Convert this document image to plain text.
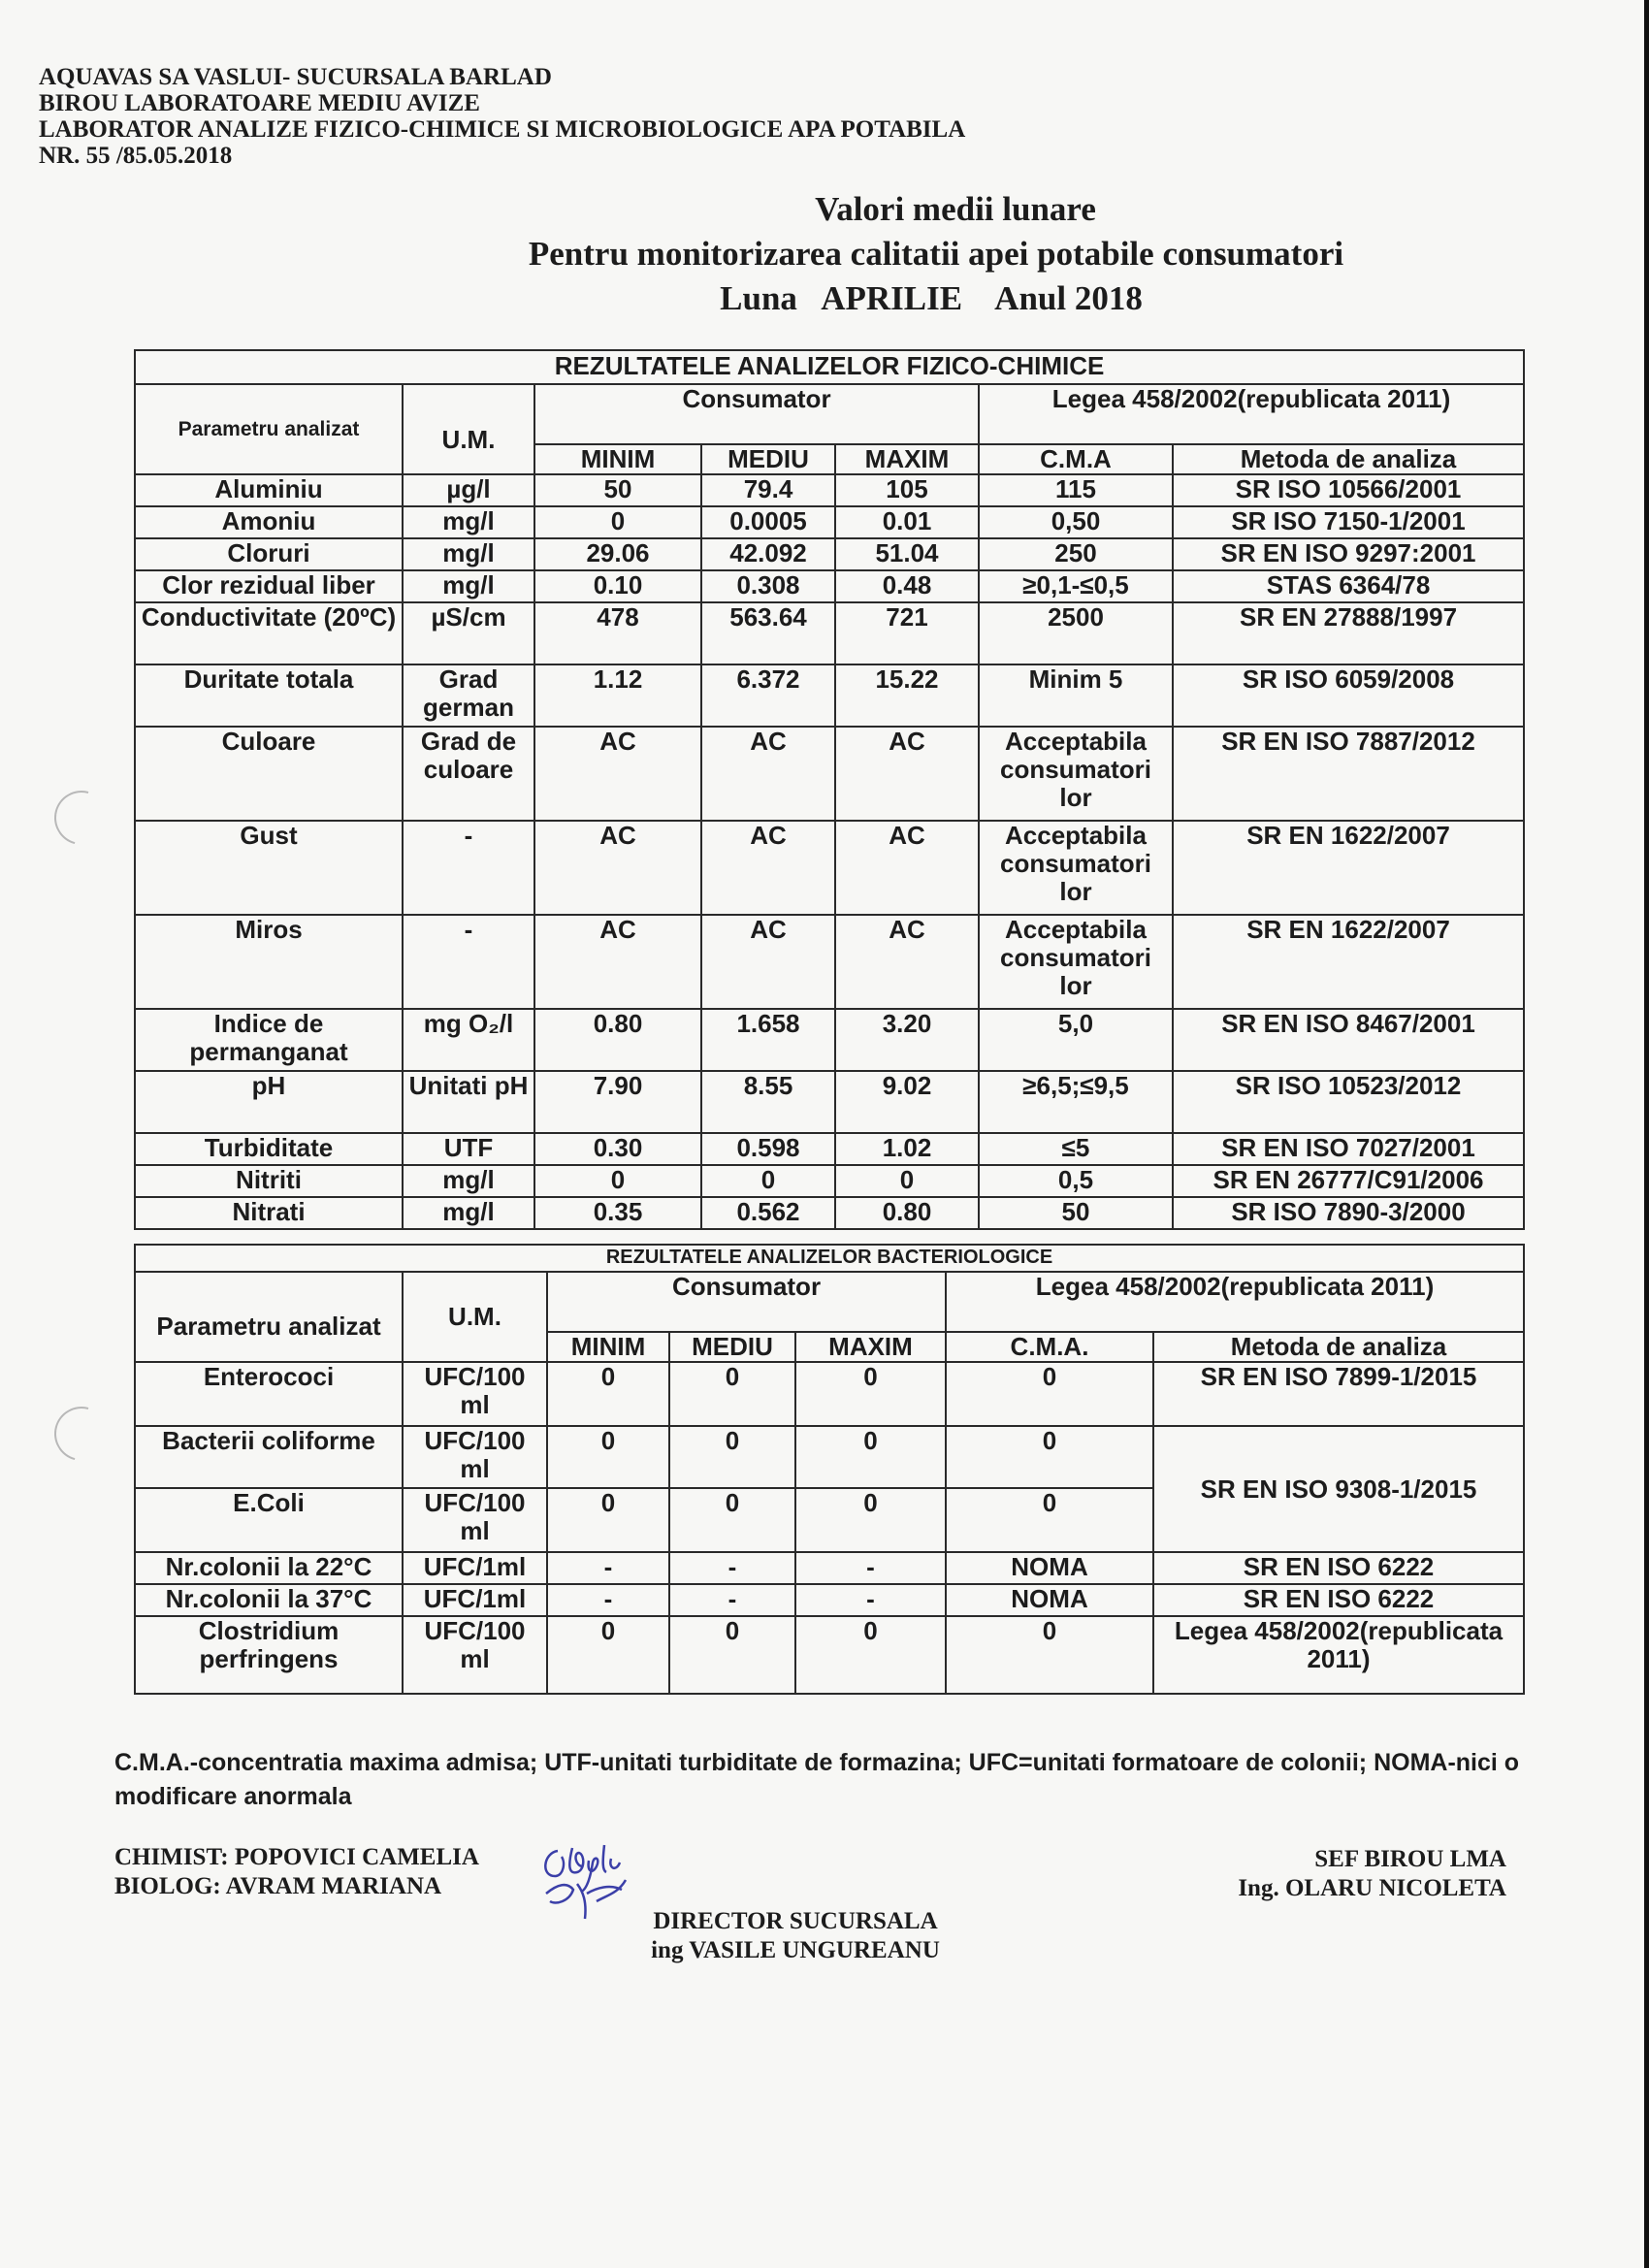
AQUAVAS SA VASLUI- SUCURSALA BARLAD
BIROU LABORATOARE MEDIU AVIZE
LABORATOR ANALIZE FIZICO-CHIMICE SI MICROBIOLOGICE APA POTABILA
NR. 55 /85.05.2018
Valori medii lunare
Pentru monitorizarea calitatii apei potabile consumatori
Luna   APRILIE    Anul 2018
REZULTATELE ANALIZELOR FIZICO-CHIMICE						
Parametru analizat	U.M.	Consumator			Legea 458/2002(republicata 2011)	
		MINIM	MEDIU	MAXIM	C.M.A	Metoda de analiza
Aluminiu	µg/l	50	79.4	105	115	SR ISO 10566/2001
Amoniu	mg/l	0	0.0005	0.01	0,50	SR ISO 7150-1/2001
Cloruri	mg/l	29.06	42.092	51.04	250	SR EN ISO 9297:2001
Clor rezidual liber	mg/l	0.10	0.308	0.48	≥0,1-≤0,5	STAS 6364/78
Conductivitate (20ºC)	µS/cm	478	563.64	721	2500	SR EN 27888/1997
Duritate totala	Grad german	1.12	6.372	15.22	Minim 5	SR ISO 6059/2008
Culoare	Grad de culoare	AC	AC	AC	Acceptabila consumatori lor	SR EN ISO 7887/2012
Gust	-	AC	AC	AC	Acceptabila consumatori lor	SR EN 1622/2007
Miros	-	AC	AC	AC	Acceptabila consumatori lor	SR EN 1622/2007
Indice de permanganat	mg O₂/l	0.80	1.658	3.20	5,0	SR EN ISO 8467/2001
pH	Unitati pH	7.90	8.55	9.02	≥6,5;≤9,5	SR ISO 10523/2012
Turbiditate	UTF	0.30	0.598	1.02	≤5	SR EN ISO 7027/2001
Nitriti	mg/l	0	0	0	0,5	SR EN 26777/C91/2006
Nitrati	mg/l	0.35	0.562	0.80	50	SR ISO 7890-3/2000
REZULTATELE ANALIZELOR BACTERIOLOGICE						
Parametru analizat	U.M.	Consumator			Legea 458/2002(republicata 2011)	
		MINIM	MEDIU	MAXIM	C.M.A.	Metoda de analiza
Enterococi	UFC/100 ml	0	0	0	0	SR EN ISO 7899-1/2015
Bacterii coliforme	UFC/100 ml	0	0	0	0	SR EN ISO 9308-1/2015
E.Coli	UFC/100 ml	0	0	0	0	
Nr.colonii la 22°C	UFC/1ml	-	-	-	NOMA	SR EN ISO 6222
Nr.colonii la 37°C	UFC/1ml	-	-	-	NOMA	SR EN ISO 6222
Clostridium perfringens	UFC/100 ml	0	0	0	0	Legea 458/2002(republicata 2011)
C.M.A.-concentratia maxima admisa; UTF-unitati turbiditate de formazina; UFC=unitati formatoare de colonii; NOMA-nici o modificare anormala
CHIMIST: POPOVICI CAMELIA
BIOLOG: AVRAM MARIANA
SEF BIROU LMA
Ing. OLARU NICOLETA
DIRECTOR SUCURSALA
ing VASILE UNGUREANU
